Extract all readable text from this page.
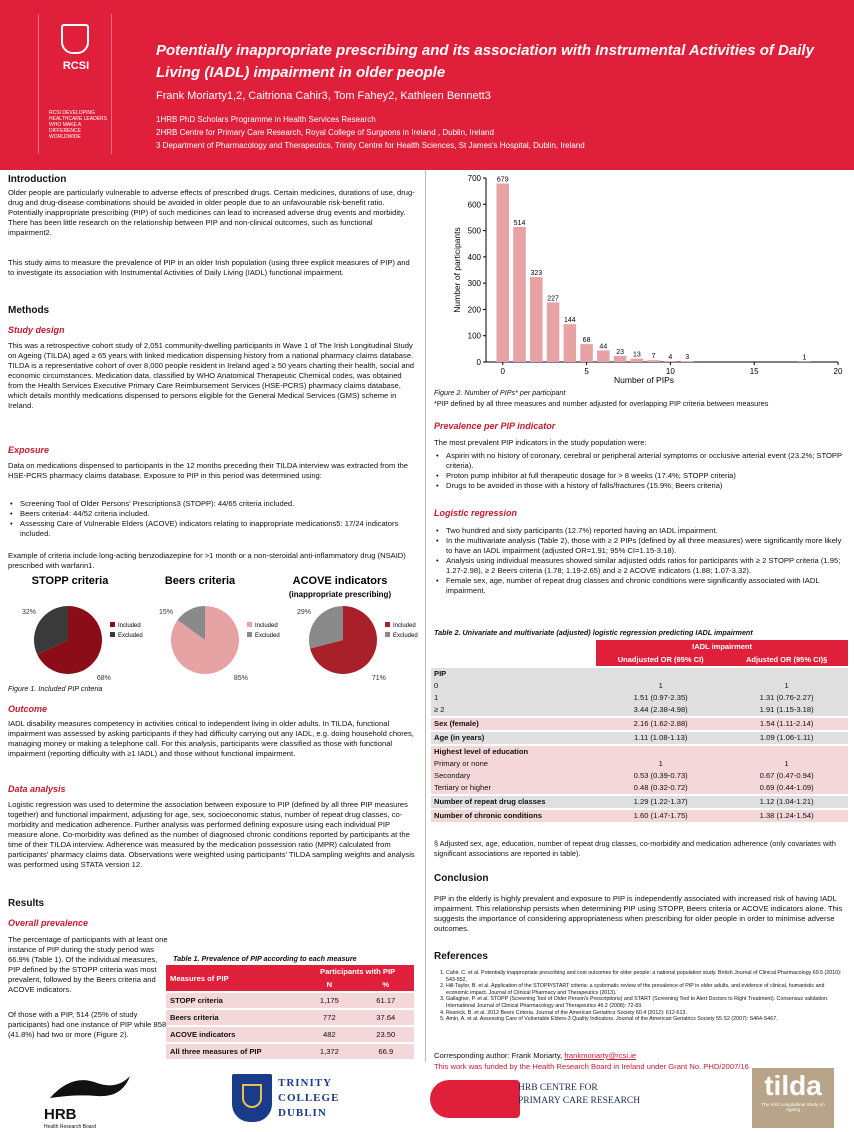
RCSI
RCSI DEVELOPING HEALTHCARE LEADERS WHO MAKE A DIFFERENCE WORLDWIDE
Potentially inappropriate prescribing and its association with Instrumental Activities of Daily Living (IADL) impairment in older people
Frank Moriarty1,2, Caitriona Cahir3, Tom Fahey2, Kathleen Bennett3
1HRB PhD Scholars Programme in Health Services Research
2HRB Centre for Primary Care Research, Royal College of Surgeons in Ireland , Dublin, Ireland
3 Department of Pharmacology and Therapeutics, Trinity Centre for Health Sciences, St James's Hospital, Dublin, Ireland
Introduction
Older people are particularly vulnerable to adverse effects of prescribed drugs. Certain medicines, durations of use, drug-drug and drug-disease combinations should be avoided in older people due to an unfavourable risk-benefit ratio. Potentially inappropriate prescribing (PIP) of such medicines can lead to increased adverse drug events and morbidity. There has been little research on the relationship between PIP and non-clinical outcomes, such as functional impairment2.
This study aims to measure the prevalence of PIP in an older Irish population (using three explicit measures of PIP) and to investigate its association with Instrumental Activities of Daily Living (IADL) functional impairment.
Methods
Study design
This was a retrospective cohort study of 2,051 community-dwelling participants in Wave 1 of The Irish Longitudinal Study on Ageing (TILDA) aged ≥ 65 years with linked medication dispensing history from a national pharmacy claims database. TILDA is a representative cohort of over 8,000 people resident in Ireland aged ≥ 50 years charting their health, social and economic circumstances. Medication data, classified by WHO Anatomical Therapeutic Chemical codes, was obtained from the Health Services Executive Primary Care Reimbursement Services (HSE-PCRS) pharmacy claims database, which details monthly medications dispensed to persons eligible for the General Medical Services (GMS) scheme in Ireland.
Exposure
Data on medications dispensed to participants in the 12 months preceding their TILDA interview was extracted from the HSE-PCRS pharmacy claims database. Exposure to PIP in this period was determined using:
• Screening Tool of Older Persons' Prescriptions3 (STOPP): 44/65 criteria included.
• Beers criteria4: 44/52 criteria included.
• Assessing Care of Vulnerable Elders (ACOVE) indicators relating to inappropriate medications5: 17/24 indicators included.
Example of criteria include long-acting benzodiazepine for >1 month or a non-steroidal anti-inflammatory drug (NSAID) prescribed with warfarin1.
STOPP criteria
68%
32%
Included
Excluded
Beers criteria
85%
15%
Included
Excluded
ACOVE indicators
(inappropriate prescribing)
71%
29%
Included
Excluded
Figure 1. Included PIP criteria
Outcome
IADL disability measures competency in activities critical to independent living in older adults. In TILDA, functional impairment was assessed by asking participants if they had difficulty carrying out any IADL, e.g. doing household chores, managing money or making a telephone call. For this analysis, participants were classified as those with functional impairment (reporting difficulty with ≥1 IADL) and those without functional impairment.
Data analysis
Logistic regression was used to determine the association between exposure to PIP (defined by all three PIP measures together) and functional impairment, adjusting for age, sex, socioeconomic status, number of repeat drug classes, co-morbidity and medication adherence. Further analysis was performed defining exposure using each individual PIP measure alone. Co-morbidity was defined as the number of diagnosed chronic conditions reported by participants at the time of their TILDA interview. Adherence was measured by the medication possession ratio (MPR) calculated from participants' pharmacy claims data. Observations were weighted using participants' TILDA sampling weights and analysis was performed using STATA version 12.
Results
Overall prevalence
The percentage of participants with at least one instance of PIP during the study period was 66.9% (Table 1). Of the individual measures, PIP defined by the STOPP criteria was most prevalent, followed by the Beers criteria and ACOVE indicators.
Of those with a PIP, 514 (25% of study participants) had one instance of PIP while 858 (41.8%) had two or more (Figure 2).
Table 1. Prevalence of PIP according to each measure
Measures of PIP	Participants with PIP	
	N	%
STOPP criteria	1,175	61.17
Beers criteria	772	37.64
ACOVE indicators	482	23.50
All three measures of PIP	1,372	66.9
0
100
200
300
400
500
600
700
0	5	10	15	20
679
514
323
227
144
68
44
23 13 7 4 3	1
Number of PIPs
Number of participants
Figure 2. Number of PIPs* per participant
*PIP defined by all three measures and number adjusted for overlapping PIP criteria between measures
Prevalence per PIP indicator
The most prevalent PIP indicators in the study population were:
• Aspirin with no history of coronary, cerebral or peripheral arterial symptoms or occlusive arterial event (23.2%; STOPP criteria).
• Proton pump inhibitor at full therapeutic dosage for > 8 weeks (17.4%; STOPP criteria)
• Drugs to be avoided in those with a history of falls/fractures (15.9%; Beers criteria)
Logistic regression
• Two hundred and sixty participants (12.7%) reported having an IADL impairment.
• In the multivariate analysis (Table 2), those with ≥ 2 PIPs (defined by all three measures) were significantly more likely to have an IADL impairment (adjusted OR=1.91; 95% CI=1.15-3.18).
• Analysis using individual measures showed similar adjusted odds ratios for participants with ≥ 2 STOPP criteria (1.95; 1.27-2.98), ≥ 2 Beers criteria (1.78; 1.19-2.65) and ≥ 2 ACOVE indicators (1.88; 1.07-3.32).
• Female sex, age, number of repeat drug classes and chronic conditions were significantly associated with IADL impairment.
Table 2. Univariate and multivariate (adjusted) logistic regression predicting IADL impairment
	IADL impairment	
	Unadjusted OR (95% CI)	Adjusted OR (95% CI)§
PIP		
0	1	1
1	1.51 (0.97-2.35)	1.31 (0.76-2.27)
≥ 2	3.44 (2.38-4.98)	1.91 (1.15-3.18)
Sex (female)	2.16 (1.62-2.88)	1.54 (1.11-2.14)
Age (in years)	1.11 (1.08-1.13)	1.09 (1.06-1.11)
Highest level of education		
Primary or none	1	1
Secondary	0.53 (0.39-0.73)	0.67 (0.47-0.94)
Tertiary or higher	0.48 (0.32-0.72)	0.69 (0.44-1.09)
Number of repeat drug classes	1.29 (1.22-1.37)	1.12 (1.04-1.21)
Number of chronic conditions	1.60 (1.47-1.75)	1.38 (1.24-1.54)
§ Adjusted sex, age, education, number of repeat drug classes, co-morbidity and medication adherence (only covariates with significant associations are reported in table).
Conclusion
PIP in the elderly is highly prevalent and exposure to PIP is independently associated with increased risk of having IADL impairment. This relationship persists when determining PIP using STOPP, Beers criteria or ACOVE indicators alone. This suggests the importance of considering appropriateness when prescribing for older people in order to minimise adverse outcomes.
References
1. Cahir, C. et al. Potentially inappropriate prescribing and cost outcomes for older people: a national population study. British Journal of Clinical Pharmacology 69.5 (2010): 543-552.
2. Hill-Taylor, B. et al. Application of the STOPP/START criteria: a systematic review of the prevalence of PIP in older adults, and evidence of clinical, humanistic and economic impact. Journal of Clinical Pharmacy and Therapeutics (2013).
3. Gallagher, P. et al. STOPP (Screening Tool of Older Person's Prescriptions) and START (Screening Tool to Alert Doctors to Right Treatment). Consensus validation. International Journal of Clinical Pharmacology and Therapeutics 46.2 (2008): 72-83.
4. Resnick, B. et al. 2012 Beers Criteria. Journal of the American Geriatrics Society 60.4 (2012): 612-613.
5. Amin, A. et al. Assessing Care of Vulnerable Elders-3 Quality Indicators. Journal of the American Geriatrics Society 55.S2 (2007): S464-S467.
Corresponding author: Frank Moriarty, frankmoriarty@rcsi.ie
This work was funded by the Health Research Board in Ireland under Grant No. PHD/2007/16
HRB
Health Research Board
TRINITY
COLLEGE
DUBLIN
HRB CENTRE FOR
PRIMARY CARE RESEARCH	tilda
The Irish Longitudinal Study on Ageing
